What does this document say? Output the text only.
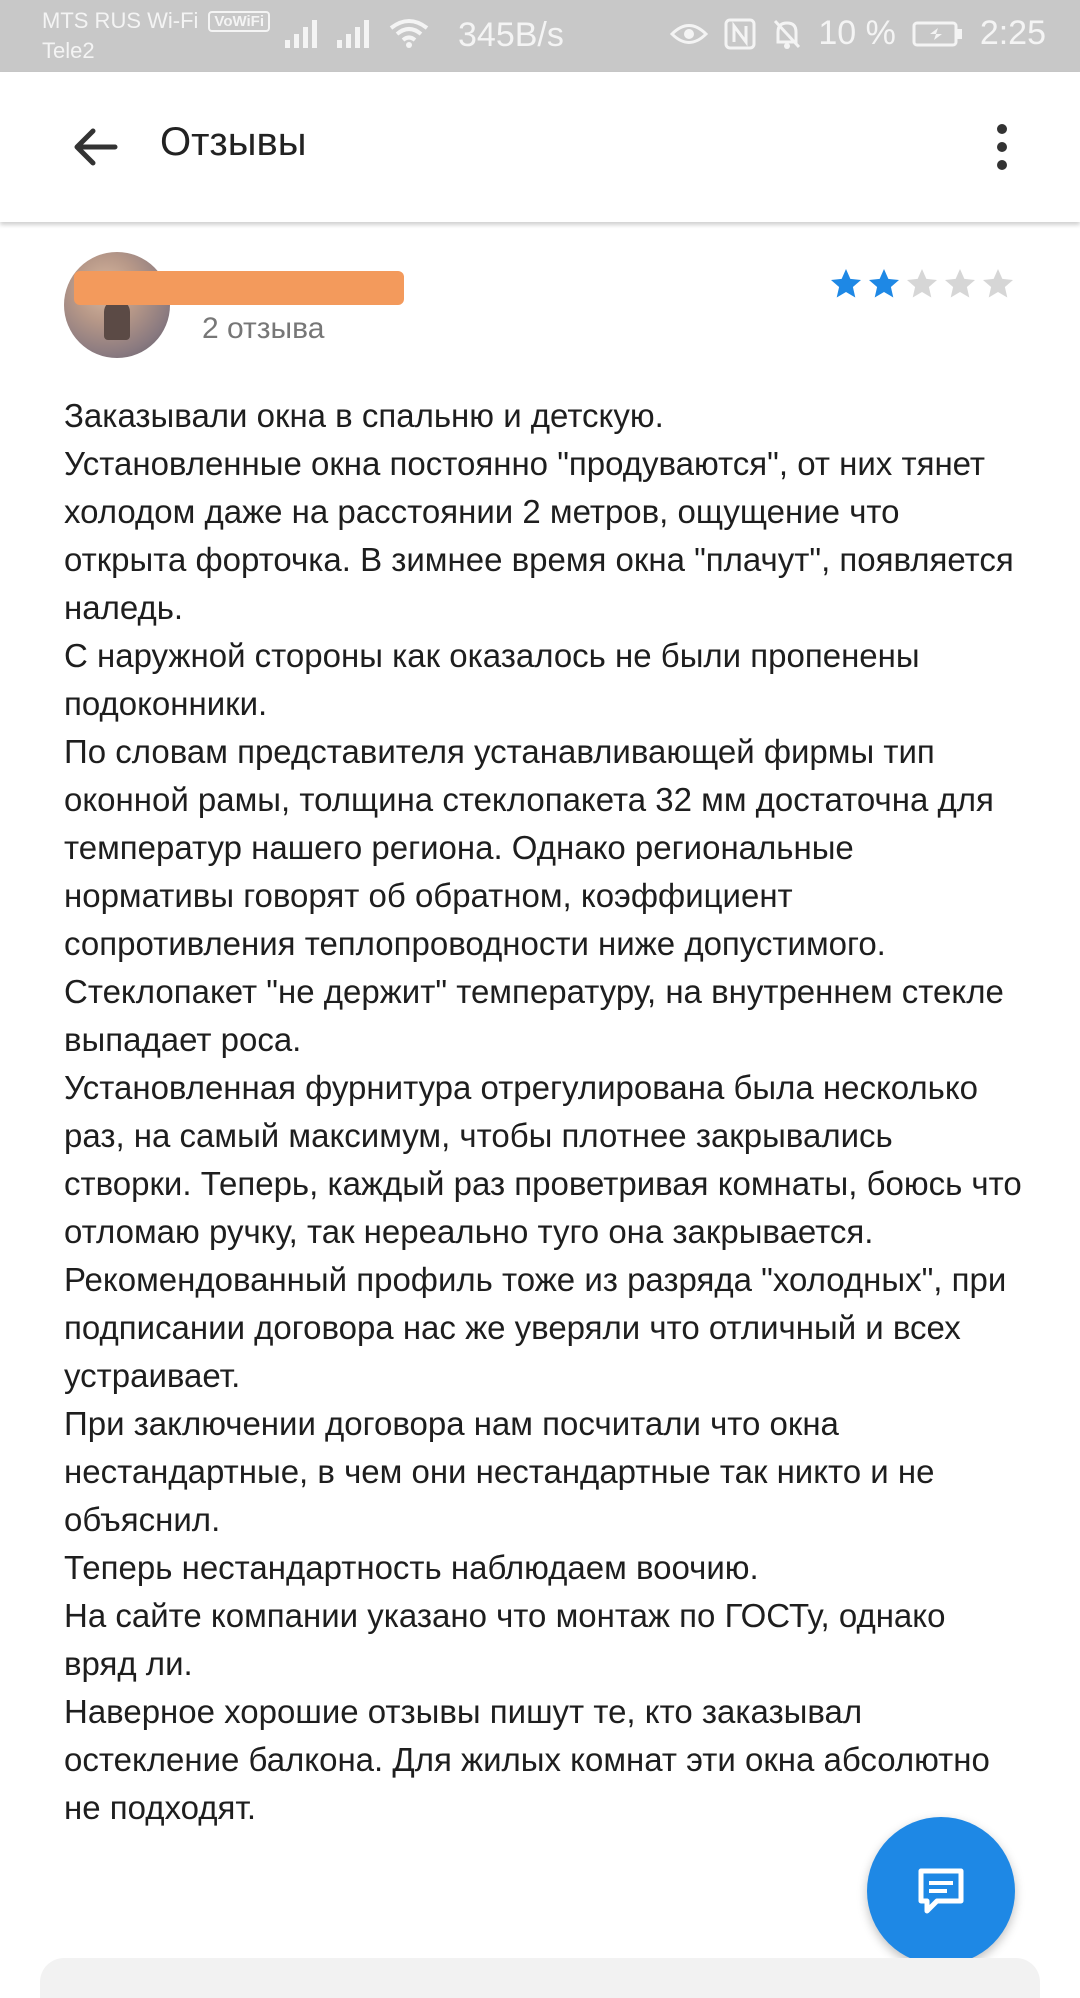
MTS RUS Wi-Fi	VoWiFi
Tele2	345B/s	10 % 2:25
Отзывы
2 отзыва

Заказывали окна в спальню и детскую.
Установленные окна постоянно "продуваются", от них тянет холодом даже на расстоянии 2 метров, ощущение что открыта форточка. В зимнее время окна "плачут", появляется наледь.
С наружной стороны как оказалось не были пропенены подоконники.
По словам представителя устанавливающей фирмы тип оконной рамы, толщина стеклопакета 32 мм достаточна для температур нашего региона. Однако региональные нормативы говорят об обратном, коэффициент сопротивления теплопроводности ниже допустимого.
Стеклопакет "не держит" температуру, на внутреннем стекле выпадает роса.
Установленная фурнитура отрегулирована была несколько раз, на самый максимум, чтобы плотнее закрывались створки. Теперь, каждый раз проветривая комнаты, боюсь что отломаю ручку, так нереально туго она закрывается.
Рекомендованный профиль тоже из разряда "холодных", при подписании договора нас же уверяли что отличный и всех устраивает.
При заключении договора нам посчитали что окна нестандартные, в чем они нестандартные так никто и не объяснил.
Теперь нестандартность наблюдаем воочию.
На сайте компании указано что монтаж по ГОСТу, однако вряд ли.
Наверное хорошие отзывы пишут те, кто заказывал остекление балкона. Для жилых комнат эти окна абсолютно не подходят.
